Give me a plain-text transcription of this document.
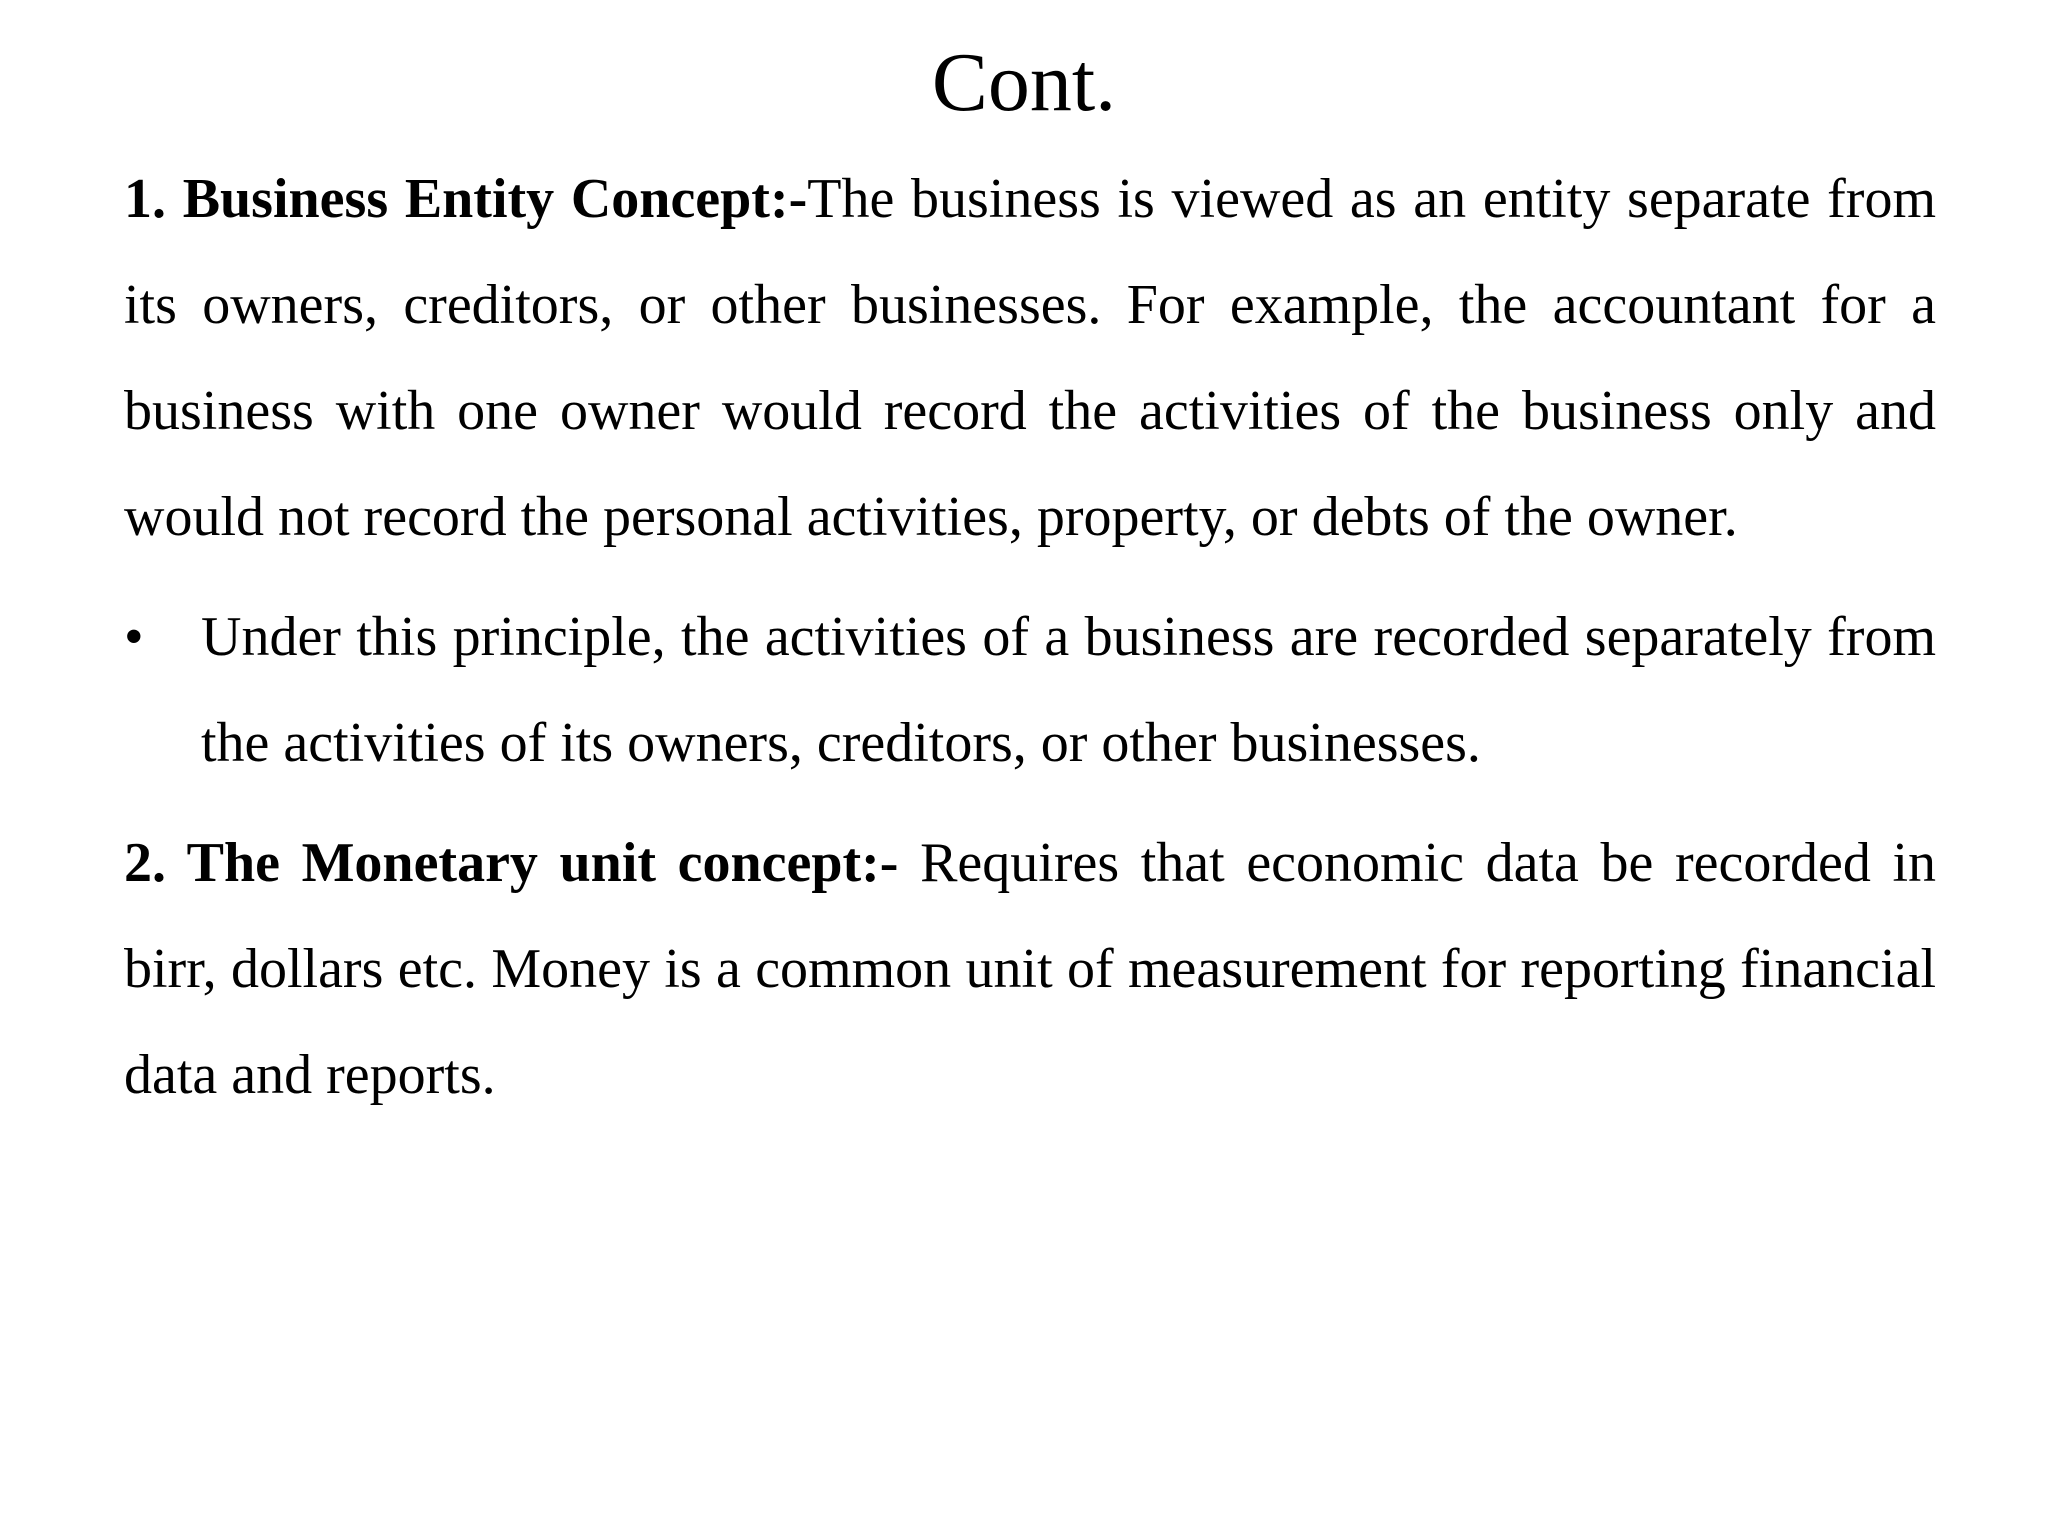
Cont.

1. Business Entity Concept:-The business is viewed as an entity separate from its owners, creditors, or other businesses. For example, the accountant for a business with one owner would record the activities of the business only and would not record the personal activities, property, or debts of the owner.

• Under this principle, the activities of a business are recorded separately from the activities of its owners, creditors, or other businesses.

2. The Monetary unit concept:- Requires that economic data be recorded in birr, dollars etc. Money is a common unit of measurement for reporting financial data and reports.
